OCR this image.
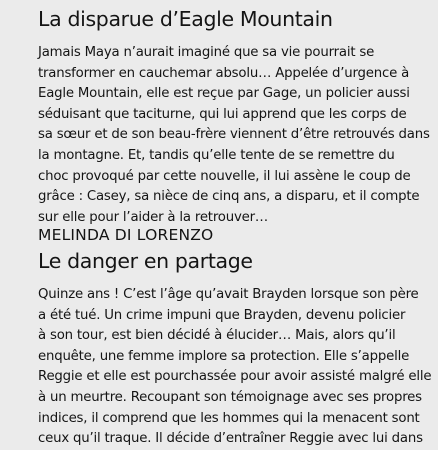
La disparue d’Eagle Mountain
Jamais Maya n’aurait imaginé que sa vie pourrait se
transformer en cauchemar absolu… Appelée d’urgence à
Eagle Mountain, elle est reçue par Gage, un policier aussi
séduisant que taciturne, qui lui apprend que les corps de
sa sœur et de son beau-frère viennent d’être retrouvés dans
la montagne. Et, tandis qu’elle tente de se remettre du
choc provoqué par cette nouvelle, il lui assène le coup de
grâce : Casey, sa nièce de cinq ans, a disparu, et il compte
sur elle pour l’aider à la retrouver…
MELINDA DI LORENZO
Le danger en partage
Quinze ans ! C’est l’âge qu’avait Brayden lorsque son père
a été tué. Un crime impuni que Brayden, devenu policier
à son tour, est bien décidé à élucider… Mais, alors qu’il
enquête, une femme implore sa protection. Elle s’appelle
Reggie et elle est pourchassée pour avoir assisté malgré elle
à un meurtre. Recoupant son témoignage avec ses propres
indices, il comprend que les hommes qui la menacent sont
ceux qu’il traque. Il décide d’entraîner Reggie avec lui dans
